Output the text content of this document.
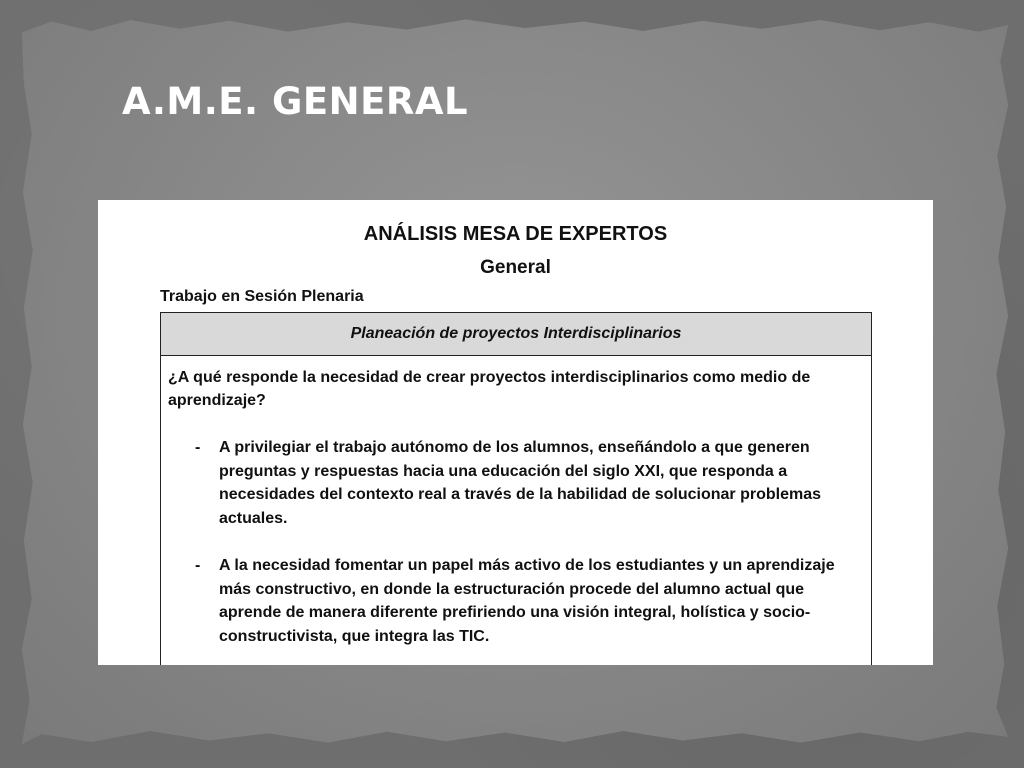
A.M.E. GENERAL
ANÁLISIS MESA DE EXPERTOS
General
Trabajo en Sesión Plenaria
Planeación de proyectos Interdisciplinarios

¿A qué responde la necesidad de crear proyectos interdisciplinarios como medio de aprendizaje?

- A privilegiar el trabajo autónomo de los alumnos, enseñándolo a que generen preguntas y respuestas hacia una educación del siglo XXI, que responda a necesidades del contexto real a través de la habilidad de solucionar problemas actuales.
- A la necesidad fomentar un papel más activo de los estudiantes y un aprendizaje más constructivo, en donde la estructuración procede del alumno actual que aprende de manera diferente prefiriendo una visión integral, holística y socio-constructivista, que integra las TIC.
